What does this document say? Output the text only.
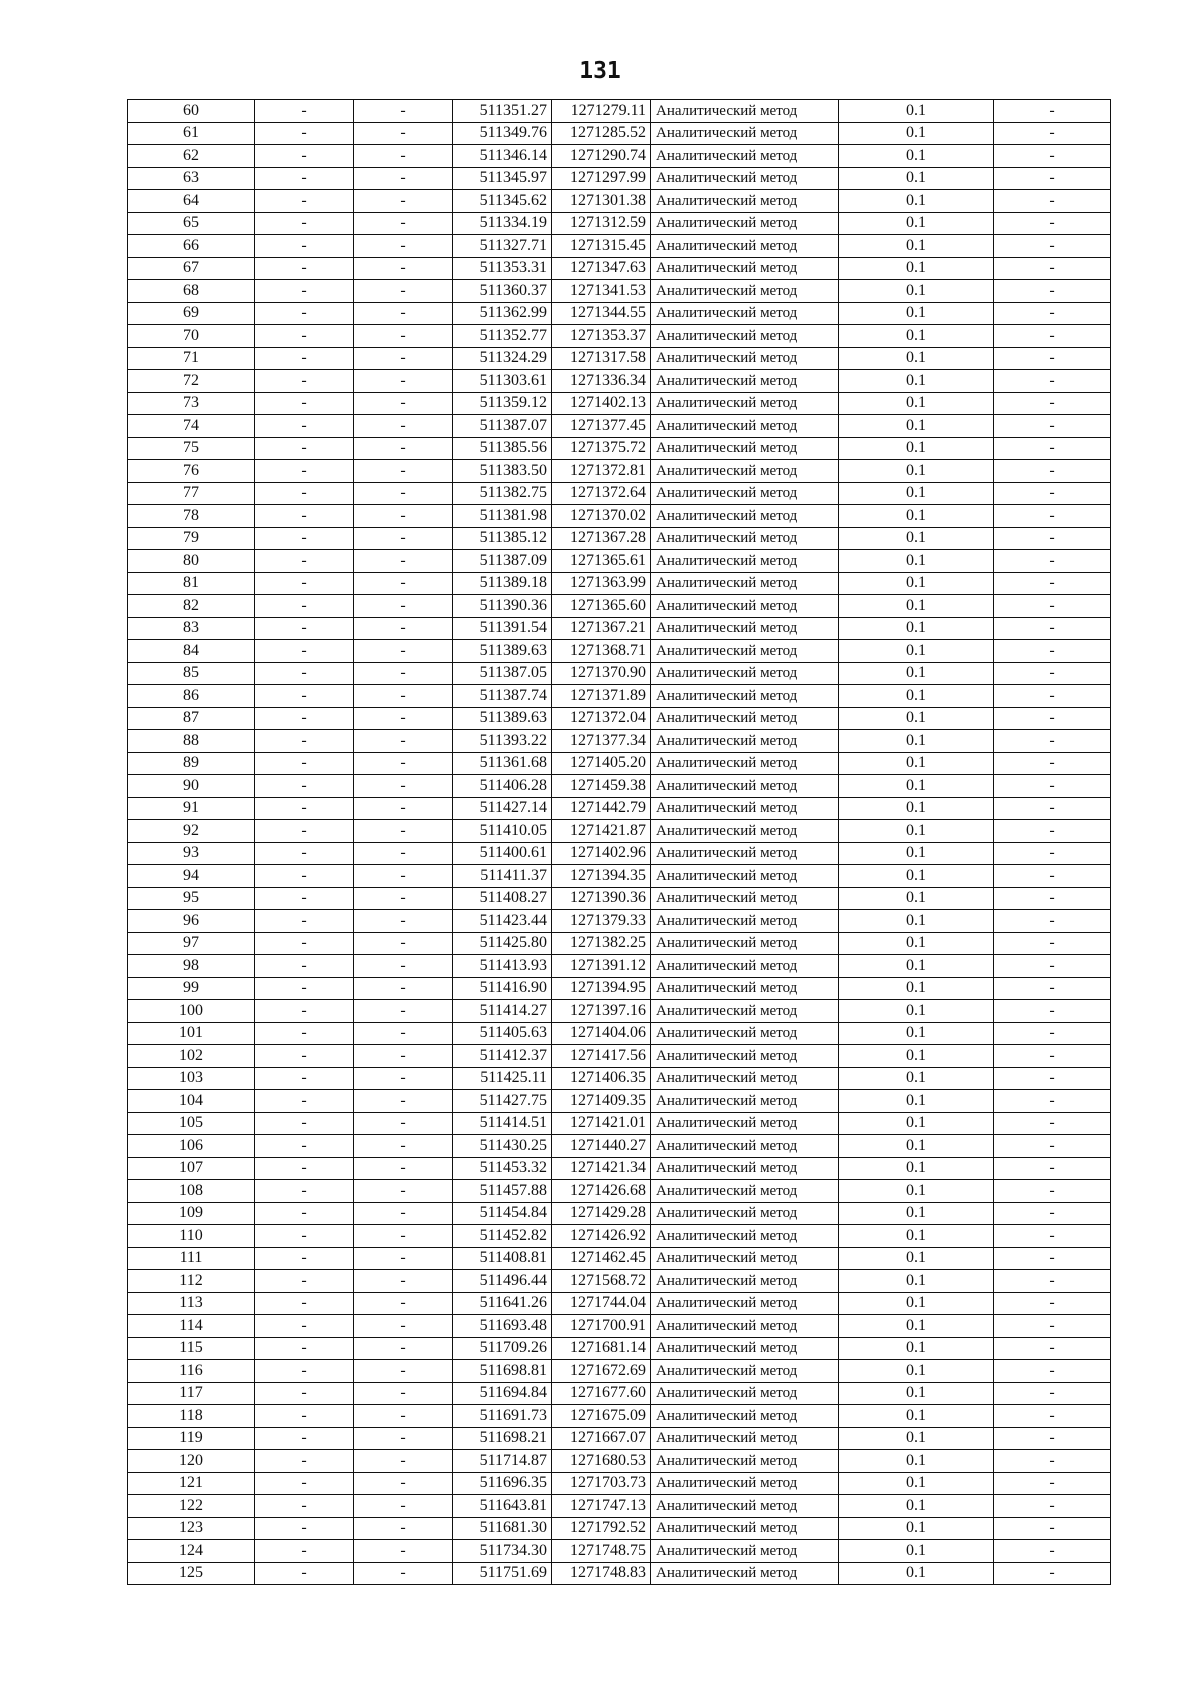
131
60	-	-	511351.27	1271279.11	Аналитический метод	0.1	-
61	-	-	511349.76	1271285.52	Аналитический метод	0.1	-
62	-	-	511346.14	1271290.74	Аналитический метод	0.1	-
63	-	-	511345.97	1271297.99	Аналитический метод	0.1	-
64	-	-	511345.62	1271301.38	Аналитический метод	0.1	-
65	-	-	511334.19	1271312.59	Аналитический метод	0.1	-
66	-	-	511327.71	1271315.45	Аналитический метод	0.1	-
67	-	-	511353.31	1271347.63	Аналитический метод	0.1	-
68	-	-	511360.37	1271341.53	Аналитический метод	0.1	-
69	-	-	511362.99	1271344.55	Аналитический метод	0.1	-
70	-	-	511352.77	1271353.37	Аналитический метод	0.1	-
71	-	-	511324.29	1271317.58	Аналитический метод	0.1	-
72	-	-	511303.61	1271336.34	Аналитический метод	0.1	-
73	-	-	511359.12	1271402.13	Аналитический метод	0.1	-
74	-	-	511387.07	1271377.45	Аналитический метод	0.1	-
75	-	-	511385.56	1271375.72	Аналитический метод	0.1	-
76	-	-	511383.50	1271372.81	Аналитический метод	0.1	-
77	-	-	511382.75	1271372.64	Аналитический метод	0.1	-
78	-	-	511381.98	1271370.02	Аналитический метод	0.1	-
79	-	-	511385.12	1271367.28	Аналитический метод	0.1	-
80	-	-	511387.09	1271365.61	Аналитический метод	0.1	-
81	-	-	511389.18	1271363.99	Аналитический метод	0.1	-
82	-	-	511390.36	1271365.60	Аналитический метод	0.1	-
83	-	-	511391.54	1271367.21	Аналитический метод	0.1	-
84	-	-	511389.63	1271368.71	Аналитический метод	0.1	-
85	-	-	511387.05	1271370.90	Аналитический метод	0.1	-
86	-	-	511387.74	1271371.89	Аналитический метод	0.1	-
87	-	-	511389.63	1271372.04	Аналитический метод	0.1	-
88	-	-	511393.22	1271377.34	Аналитический метод	0.1	-
89	-	-	511361.68	1271405.20	Аналитический метод	0.1	-
90	-	-	511406.28	1271459.38	Аналитический метод	0.1	-
91	-	-	511427.14	1271442.79	Аналитический метод	0.1	-
92	-	-	511410.05	1271421.87	Аналитический метод	0.1	-
93	-	-	511400.61	1271402.96	Аналитический метод	0.1	-
94	-	-	511411.37	1271394.35	Аналитический метод	0.1	-
95	-	-	511408.27	1271390.36	Аналитический метод	0.1	-
96	-	-	511423.44	1271379.33	Аналитический метод	0.1	-
97	-	-	511425.80	1271382.25	Аналитический метод	0.1	-
98	-	-	511413.93	1271391.12	Аналитический метод	0.1	-
99	-	-	511416.90	1271394.95	Аналитический метод	0.1	-
100	-	-	511414.27	1271397.16	Аналитический метод	0.1	-
101	-	-	511405.63	1271404.06	Аналитический метод	0.1	-
102	-	-	511412.37	1271417.56	Аналитический метод	0.1	-
103	-	-	511425.11	1271406.35	Аналитический метод	0.1	-
104	-	-	511427.75	1271409.35	Аналитический метод	0.1	-
105	-	-	511414.51	1271421.01	Аналитический метод	0.1	-
106	-	-	511430.25	1271440.27	Аналитический метод	0.1	-
107	-	-	511453.32	1271421.34	Аналитический метод	0.1	-
108	-	-	511457.88	1271426.68	Аналитический метод	0.1	-
109	-	-	511454.84	1271429.28	Аналитический метод	0.1	-
110	-	-	511452.82	1271426.92	Аналитический метод	0.1	-
111	-	-	511408.81	1271462.45	Аналитический метод	0.1	-
112	-	-	511496.44	1271568.72	Аналитический метод	0.1	-
113	-	-	511641.26	1271744.04	Аналитический метод	0.1	-
114	-	-	511693.48	1271700.91	Аналитический метод	0.1	-
115	-	-	511709.26	1271681.14	Аналитический метод	0.1	-
116	-	-	511698.81	1271672.69	Аналитический метод	0.1	-
117	-	-	511694.84	1271677.60	Аналитический метод	0.1	-
118	-	-	511691.73	1271675.09	Аналитический метод	0.1	-
119	-	-	511698.21	1271667.07	Аналитический метод	0.1	-
120	-	-	511714.87	1271680.53	Аналитический метод	0.1	-
121	-	-	511696.35	1271703.73	Аналитический метод	0.1	-
122	-	-	511643.81	1271747.13	Аналитический метод	0.1	-
123	-	-	511681.30	1271792.52	Аналитический метод	0.1	-
124	-	-	511734.30	1271748.75	Аналитический метод	0.1	-
125	-	-	511751.69	1271748.83	Аналитический метод	0.1	-
